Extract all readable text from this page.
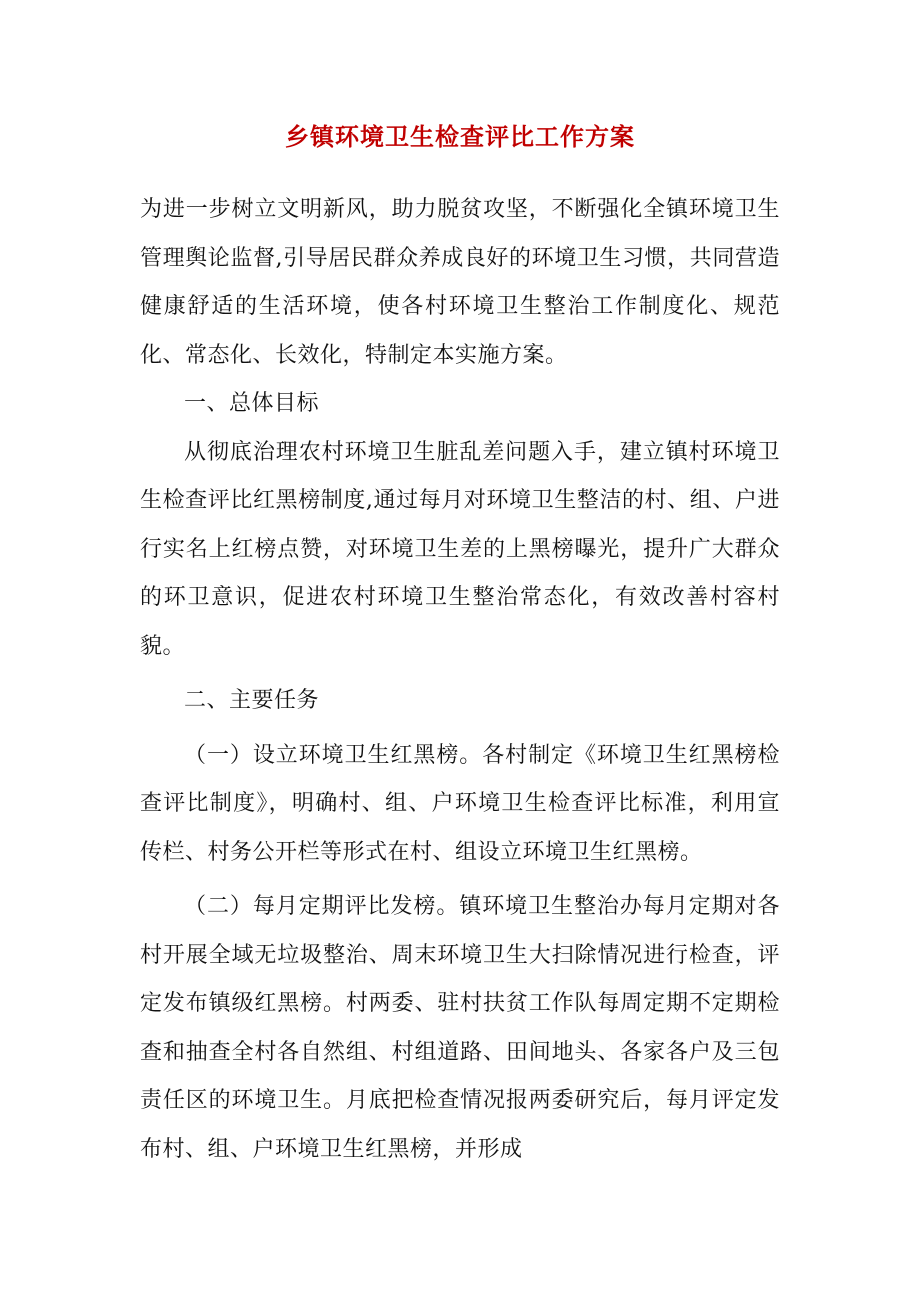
乡镇环境卫生检查评比工作方案

为进一步树立文明新风，助力脱贫攻坚，不断强化全镇环境卫生管理舆论监督,引导居民群众养成良好的环境卫生习惯，共同营造健康舒适的生活环境，使各村环境卫生整治工作制度化、规范化、常态化、长效化，特制定本实施方案。

一、总体目标

从彻底治理农村环境卫生脏乱差问题入手，建立镇村环境卫生检查评比红黑榜制度,通过每月对环境卫生整洁的村、组、户进行实名上红榜点赞，对环境卫生差的上黑榜曝光，提升广大群众的环卫意识，促进农村环境卫生整治常态化，有效改善村容村貌。

二、主要任务

（一）设立环境卫生红黑榜。各村制定《环境卫生红黑榜检查评比制度》，明确村、组、户环境卫生检查评比标准，利用宣传栏、村务公开栏等形式在村、组设立环境卫生红黑榜。

（二）每月定期评比发榜。镇环境卫生整治办每月定期对各村开展全域无垃圾整治、周末环境卫生大扫除情况进行检查，评定发布镇级红黑榜。村两委、驻村扶贫工作队每周定期不定期检查和抽查全村各自然组、村组道路、田间地头、各家各户及三包责任区的环境卫生。月底把检查情况报两委研究后，每月评定发布村、组、户环境卫生红黑榜，并形成
